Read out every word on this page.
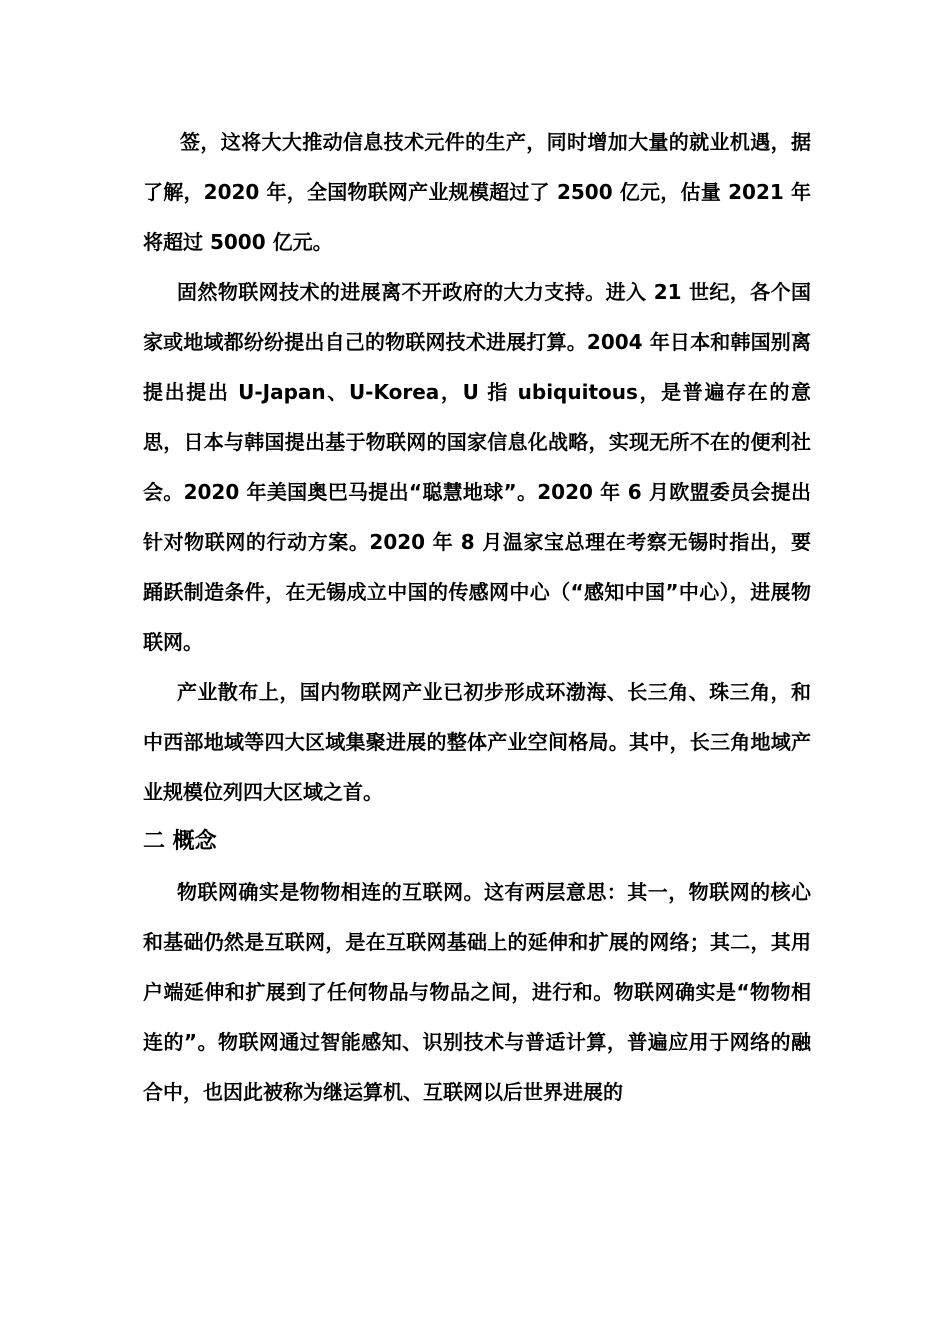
签，这将大大推动信息技术元件的生产，同时增加大量的就业机遇，据了解，2020 年，全国物联网产业规模超过了 2500 亿元，估量 2021 年将超过 5000 亿元。

固然物联网技术的进展离不开政府的大力支持。进入 21 世纪，各个国家或地域都纷纷提出自己的物联网技术进展打算。2004 年日本和韩国别离提出提出 U-Japan、U-Korea，U 指 ubiquitous，是普遍存在的意思，日本与韩国提出基于物联网的国家信息化战略，实现无所不在的便利社会。2020 年美国奥巴马提出“聪慧地球”。2020 年 6 月欧盟委员会提出针对物联网的行动方案。2020 年 8 月温家宝总理在考察无锡时指出，要踊跃制造条件，在无锡成立中国的传感网中心（“感知中国”中心），进展物联网。

产业散布上，国内物联网产业已初步形成环渤海、长三角、珠三角，和中西部地域等四大区域集聚进展的整体产业空间格局。其中，长三角地域产业规模位列四大区域之首。

二 概念

物联网确实是物物相连的互联网。这有两层意思：其一，物联网的核心和基础仍然是互联网，是在互联网基础上的延伸和扩展的网络；其二，其用户端延伸和扩展到了任何物品与物品之间，进行和。物联网确实是“物物相连的”。物联网通过智能感知、识别技术与普适计算，普遍应用于网络的融合中，也因此被称为继运算机、互联网以后世界进展的
